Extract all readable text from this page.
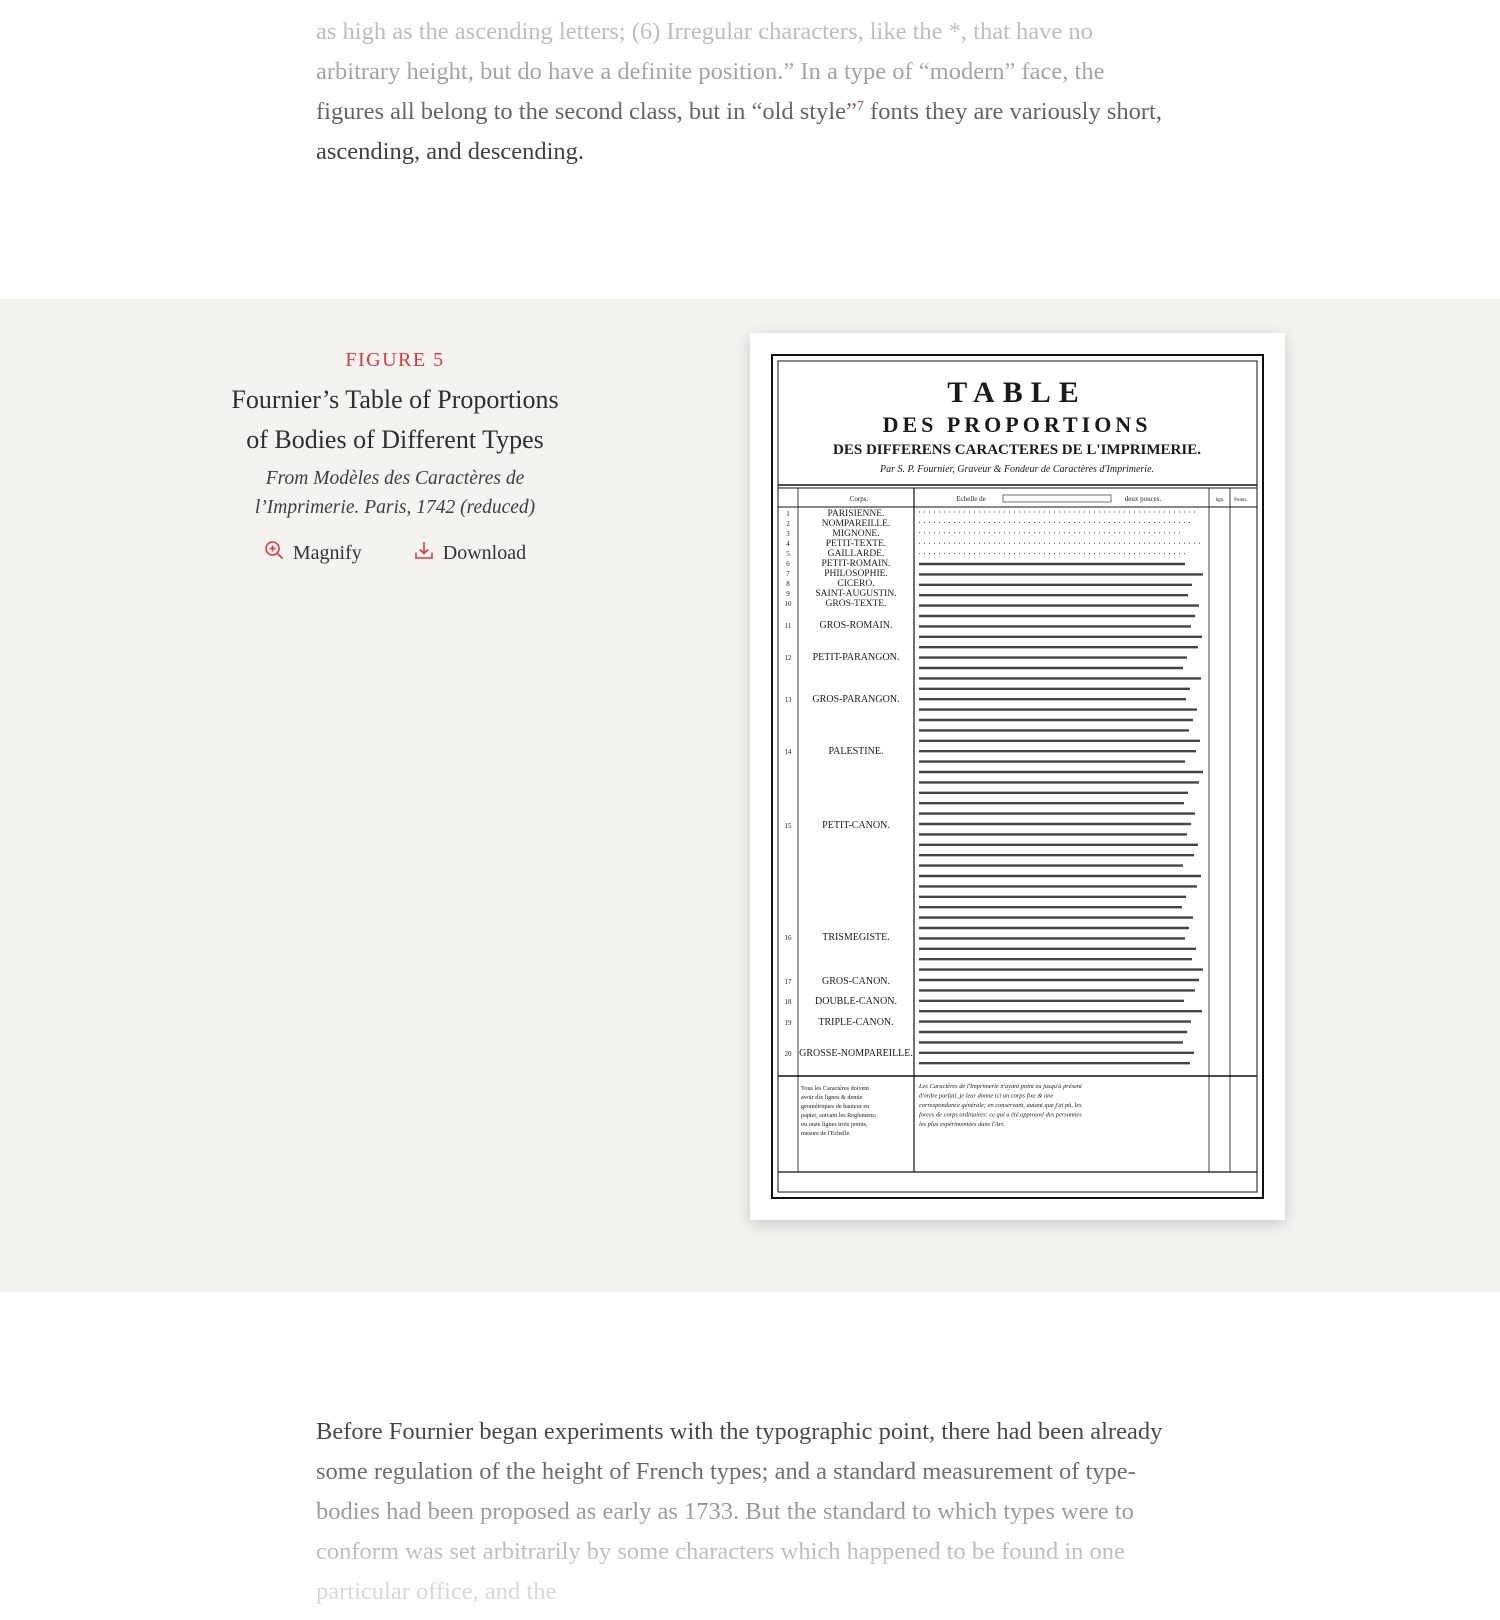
as high as the ascending letters; (6) Irregular characters, like the *, that have no arbitrary height, but do have a definite position.” In a type of “modern” face, the figures all belong to the second class, but in “old style”$^7$ fonts they are variously short, ascending, and descending.

FIGURE 5
Fournier’s Table of Proportions of Bodies of Different Types
From Modèles des Caractères de l’Imprimerie. Paris, 1742 (reduced)
Magnify	Download
TABLE
DES PROPORTIONS
DES DIFFERENS CARACTERES DE L'IMPRIMERIE.
Par S. P. Fournier, Graveur & Fondeur de Caractères d'Imprimerie.
Corps.	Echelle de	deux pouces.	lign. Points.
1	PARISIENNE.
2	NOMPAREILLE.
3	MIGNONE.
4	PETIT-TEXTE.
5	GAILLARDE.
6	PETIT-ROMAIN.
7	PHILOSOPHIE.
8	CICERO.
9	SAINT-AUGUSTIN.
10	GROS-TEXTE.
11	GROS-ROMAIN.
12 PETIT-PARANGON.
13 GROS-PARANGON.
14	PALESTINE.
15	PETIT-CANON.
16	TRISMEGISTE.
17	GROS-CANON.
18 DOUBLE-CANON.
19	TRIPLE-CANON.
20 GROSSE-NOMPAREILLE.
Tous les Caractères doivent avoir dix lignes & demie geométriques de hauteur en papier, suivant les Reglemens; ou onze lignes trois points, mesure de l'Echelle.
Les Caractères de l'Imprimerie n'ayant point eu jusqu'à présent d'ordre parfait, je leur donne ici un corps fixe & une correspondance générale; en conservant, autant que j'ai pû, les forces de corps ordinaires: ce qui a été approuvé des personnes les plus expérimentées dans l'Art.

Before Fournier began experiments with the typographic point, there had been already some regulation of the height of French types; and a standard measurement of type-bodies had been proposed as early as 1733. But the standard to which types were to conform was set arbitrarily by some characters which happened to be found in one particular office, and the
